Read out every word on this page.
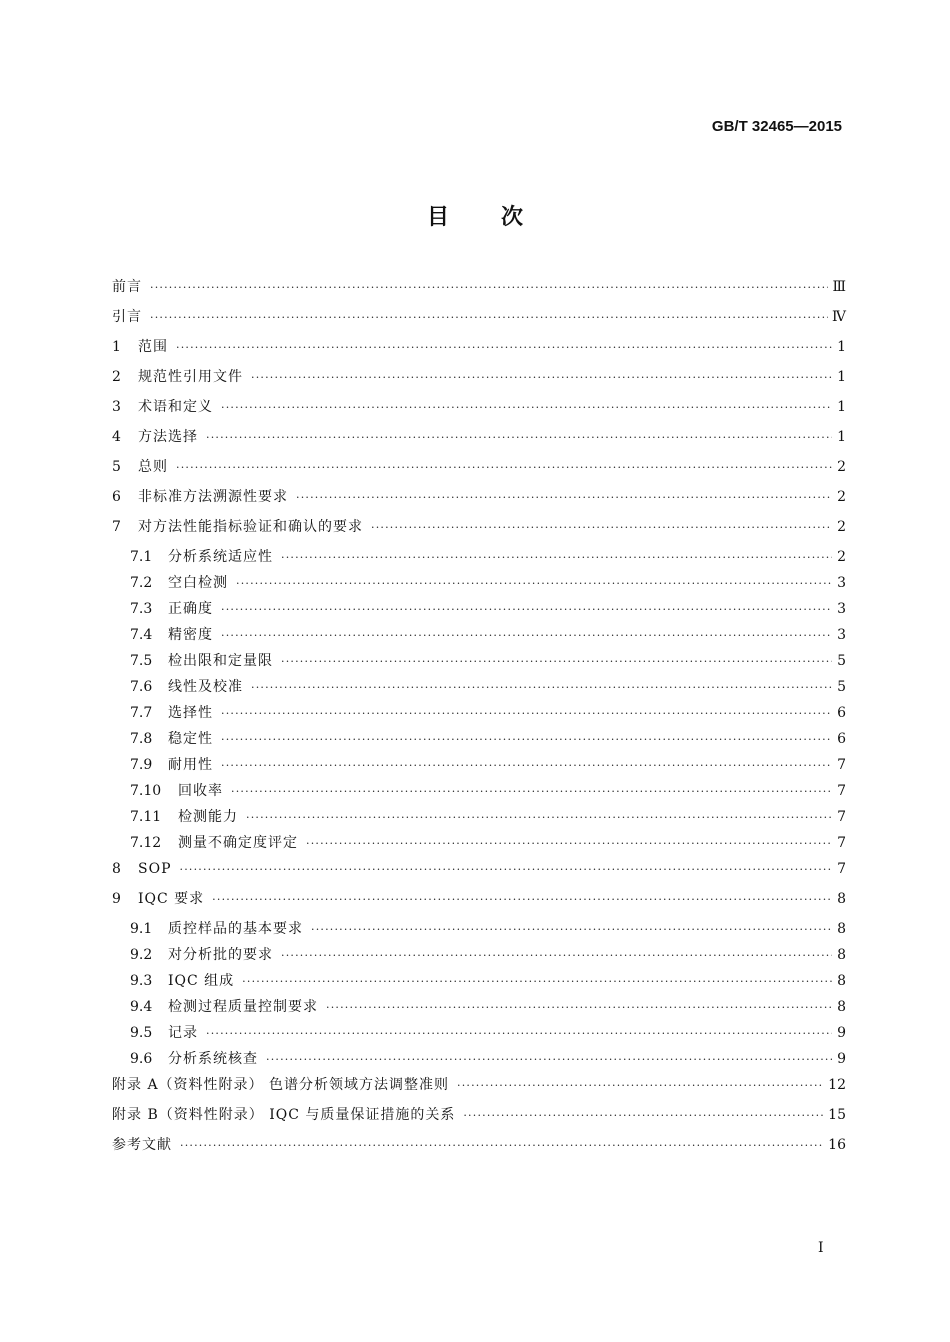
GB/T 32465—2015
目次
前言 ·····	Ⅲ
引言 ·····	Ⅳ
1	范围 ·····	1
2	规范性引用文件 ·····	1
3	术语和定义 ·····	1
4	方法选择 ·····	1
5	总则 ·····	2
6	非标准方法溯源性要求 ·····	2
7	对方法性能指标验证和确认的要求 ·····	2
7.1	分析系统适应性 ·····	2
7.2	空白检测 ·····	3
7.3	正确度 ·····	3
7.4	精密度 ·····	3
7.5	检出限和定量限 ·····	5
7.6	线性及校准 ·····	5
7.7	选择性 ·····	6
7.8	稳定性 ·····	6
7.9	耐用性 ·····	7
7.10	回收率 ·····	7
7.11	检测能力 ·····	7
7.12	测量不确定度评定 ·····	7
8	SOP ·····	7
9	IQC 要求 ·····	8
9.1	质控样品的基本要求 ·····	8
9.2	对分析批的要求 ·····	8
9.3	IQC 组成 ·····	8
9.4	检测过程质量控制要求 ·····	8
9.5	记录 ·····	9
9.6	分析系统核查 ·····	9
附录 A（资料性附录） 色谱分析领域方法调整准则 ·····	12
附录 B（资料性附录） IQC 与质量保证措施的关系 ·····	15
参考文献 ·····	16
I
